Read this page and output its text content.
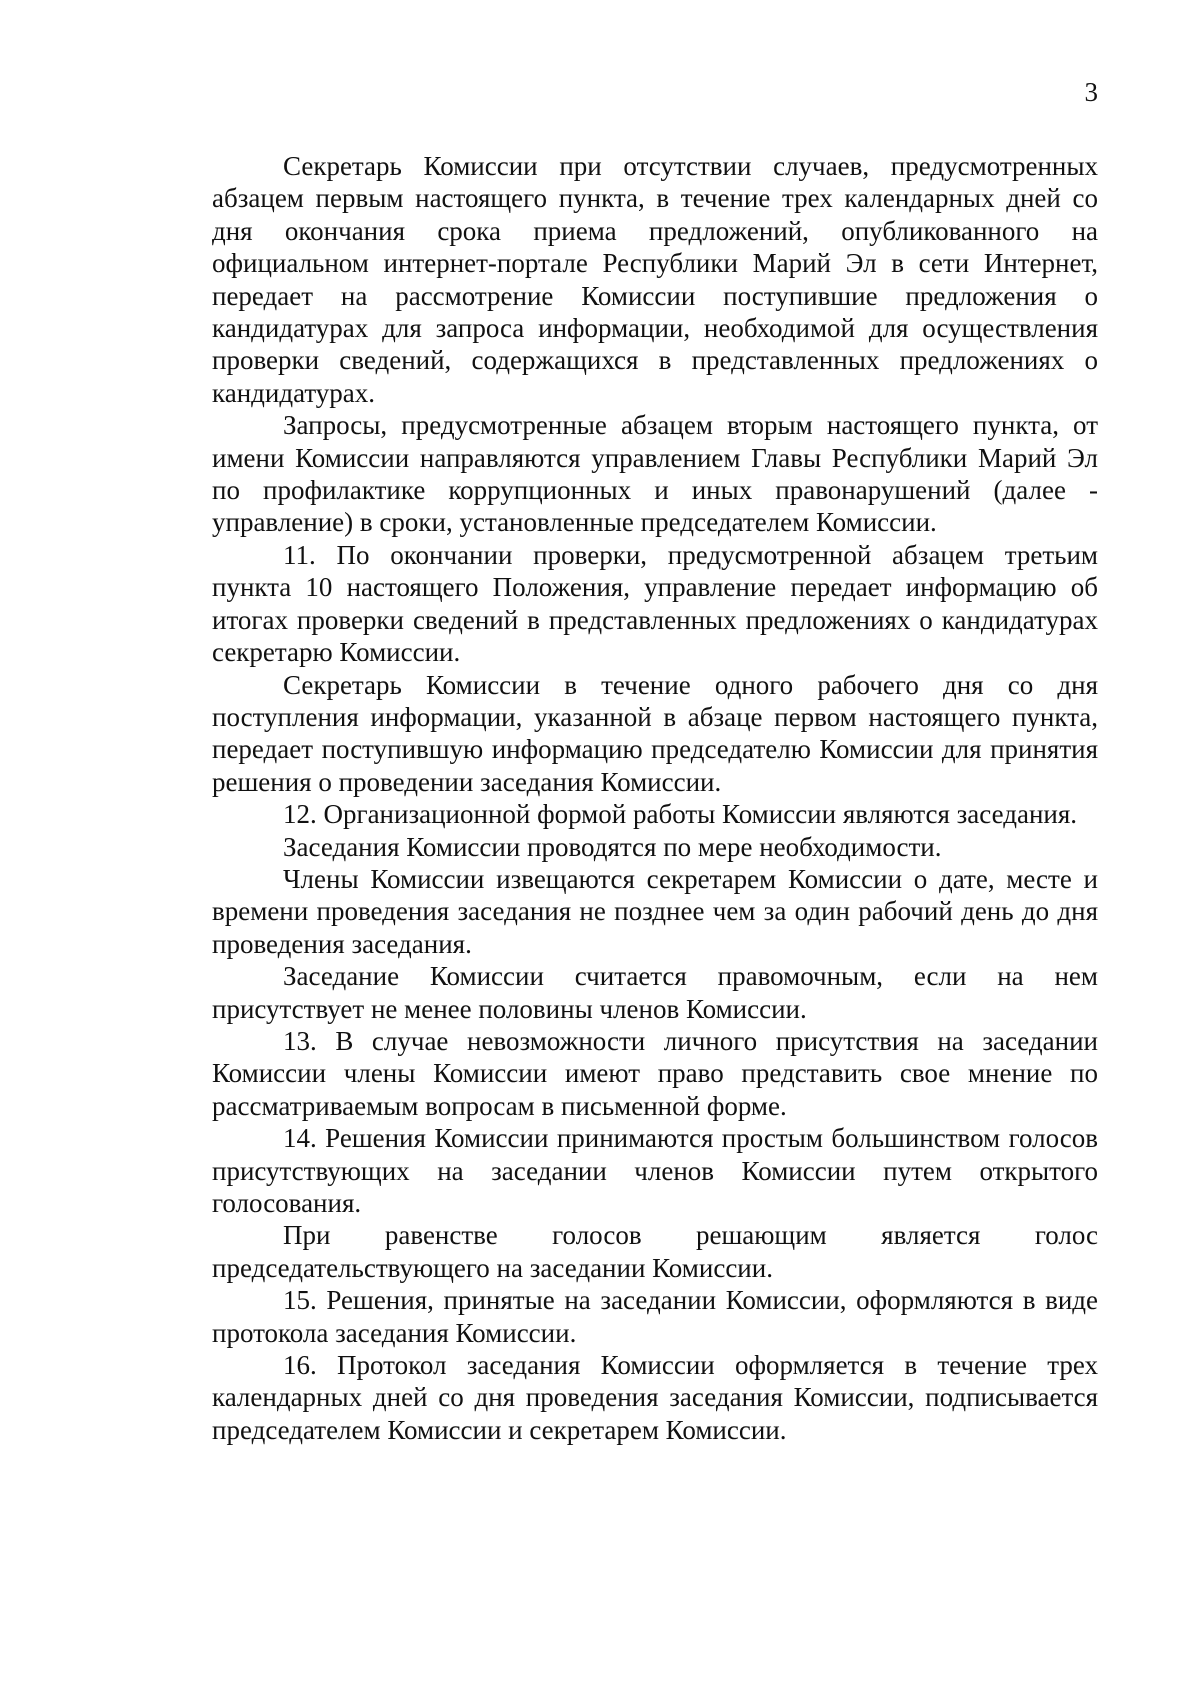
3

Секретарь Комиссии при отсутствии случаев, предусмотренных абзацем первым настоящего пункта, в течение трех календарных дней со дня окончания срока приема предложений, опубликованного на официальном интернет-портале Республики Марий Эл в сети Интернет, передает на рассмотрение Комиссии поступившие предложения о кандидатурах для запроса информации, необходимой для осуществления проверки сведений, содержащихся в представленных предложениях о кандидатурах.

Запросы, предусмотренные абзацем вторым настоящего пункта, от имени Комиссии направляются управлением Главы Республики Марий Эл по профилактике коррупционных и иных правонарушений (далее - управление) в сроки, установленные председателем Комиссии.

11. По окончании проверки, предусмотренной абзацем третьим пункта 10 настоящего Положения, управление передает информацию об итогах проверки сведений в представленных предложениях о кандидатурах секретарю Комиссии.

Секретарь Комиссии в течение одного рабочего дня со дня поступления информации, указанной в абзаце первом настоящего пункта, передает поступившую информацию председателю Комиссии для принятия решения о проведении заседания Комиссии.

12. Организационной формой работы Комиссии являются заседания.

Заседания Комиссии проводятся по мере необходимости.

Члены Комиссии извещаются секретарем Комиссии о дате, месте и времени проведения заседания не позднее чем за один рабочий день до дня проведения заседания.

Заседание Комиссии считается правомочным, если на нем присутствует не менее половины членов Комиссии.

13. В случае невозможности личного присутствия на заседании Комиссии члены Комиссии имеют право представить свое мнение по рассматриваемым вопросам в письменной форме.

14. Решения Комиссии принимаются простым большинством голосов присутствующих на заседании членов Комиссии путем открытого голосования.

При равенстве голосов решающим является голос председательствующего на заседании Комиссии.

15. Решения, принятые на заседании Комиссии, оформляются в виде протокола заседания Комиссии.

16. Протокол заседания Комиссии оформляется в течение трех календарных дней со дня проведения заседания Комиссии, подписывается председателем Комиссии и секретарем Комиссии.
